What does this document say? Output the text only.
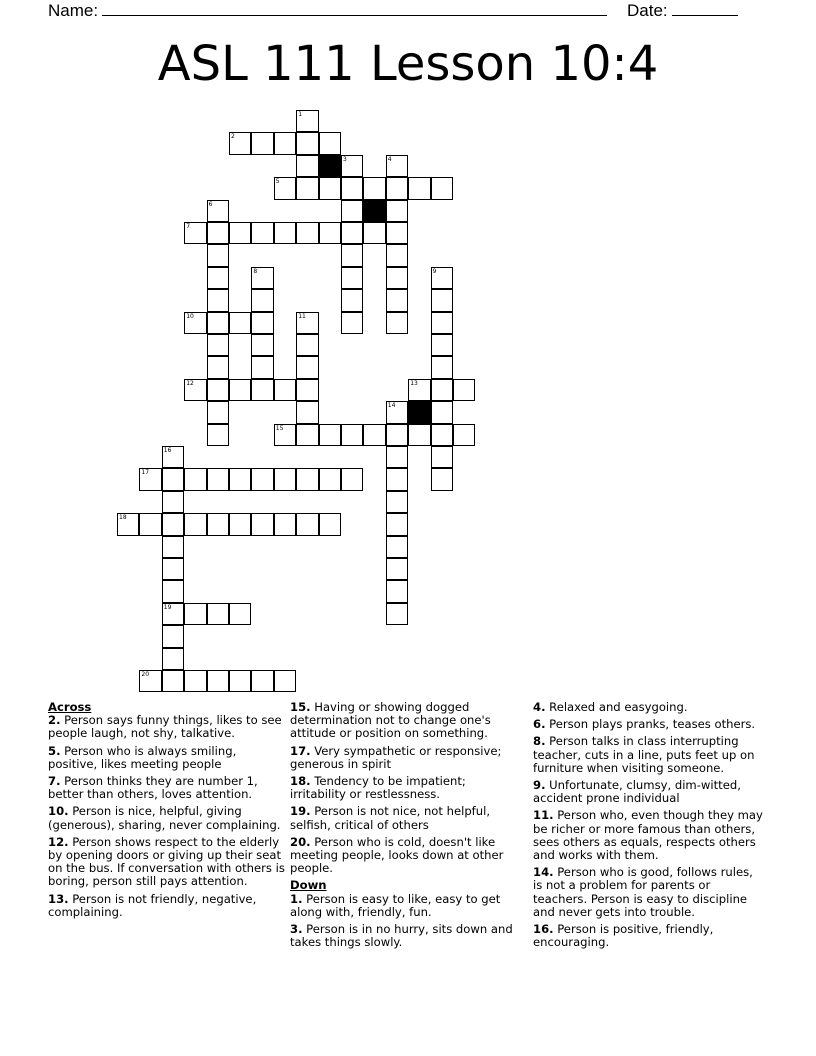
Name:	Date:
ASL 111 Lesson 10:4
1
2
3	4
5
6
7
8	9
10	11
12	13
14
15
16
19
17
18
20

Across

2. Person says funny things, likes to see people laugh, not shy, talkative.

5. Person who is always smiling, positive, likes meeting people

7. Person thinks they are number 1, better than others, loves attention.

10. Person is nice, helpful, giving (generous), sharing, never complaining.

12. Person shows respect to the elderly by opening doors or giving up their seat on the bus. If conversation with others is boring, person still pays attention.

13. Person is not friendly, negative, complaining.

15. Having or showing dogged determination not to change one's attitude or position on something.

17. Very sympathetic or responsive; generous in spirit

18. Tendency to be impatient; irritability or restlessness.

19. Person is not nice, not helpful, selfish, critical of others

20. Person who is cold, doesn't like meeting people, looks down at other people.

Down

1. Person is easy to like, easy to get along with, friendly, fun.

3. Person is in no hurry, sits down and takes things slowly.

4. Relaxed and easygoing.

6. Person plays pranks, teases others.

8. Person talks in class interrupting teacher, cuts in a line, puts feet up on furniture when visiting someone.

9. Unfortunate, clumsy, dim-witted, accident prone individual

11. Person who, even though they may be richer or more famous than others, sees others as equals, respects others and works with them.

14. Person who is good, follows rules, is not a problem for parents or teachers. Person is easy to discipline and never gets into trouble.

16. Person is positive, friendly, encouraging.
